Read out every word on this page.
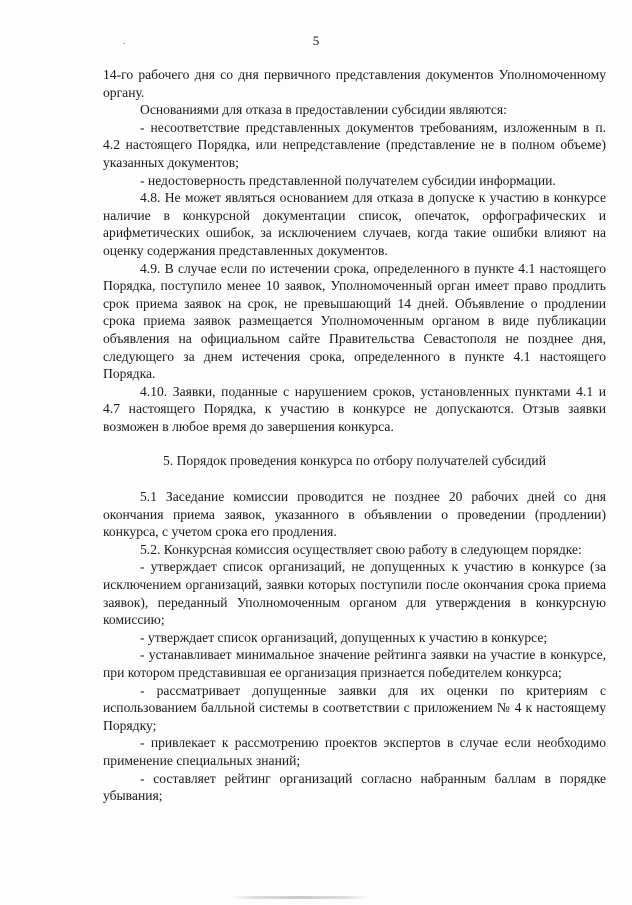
.	5

14-го рабочего дня со дня первичного представления документов Уполномоченному органу.

Основаниями для отказа в предоставлении субсидии являются:

- несоответствие представленных документов требованиям, изложенным в п. 4.2 настоящего Порядка, или непредставление (представление не в полном объеме) указанных документов;

- недостоверность представленной получателем субсидии информации.

4.8. Не может являться основанием для отказа в допуске к участию в конкурсе наличие в конкурсной документации список, опечаток, орфографических и арифметических ошибок, за исключением случаев, когда такие ошибки влияют на оценку содержания представленных документов.

4.9. В случае если по истечении срока, определенного в пункте 4.1 настоящего Порядка, поступило менее 10 заявок, Уполномоченный орган имеет право продлить срок приема заявок на срок, не превышающий 14 дней. Объявление о продлении срока приема заявок размещается Уполномоченным органом в виде публикации объявления на официальном сайте Правительства Севастополя не позднее дня, следующего за днем истечения срока, определенного в пункте 4.1 настоящего Порядка.

4.10. Заявки, поданные с нарушением сроков, установленных пунктами 4.1 и 4.7 настоящего Порядка, к участию в конкурсе не допускаются. Отзыв заявки возможен в любое время до завершения конкурса.

5. Порядок проведения конкурса по отбору получателей субсидий

5.1 Заседание комиссии проводится не позднее 20 рабочих дней со дня окончания приема заявок, указанного в объявлении о проведении (продлении) конкурса, с учетом срока его продления.

5.2. Конкурсная комиссия осуществляет свою работу в следующем порядке:

- утверждает список организаций, не допущенных к участию в конкурсе (за исключением организаций, заявки которых поступили после окончания срока приема заявок), переданный Уполномоченным органом для утверждения в конкурсную комиссию;

- утверждает список организаций, допущенных к участию в конкурсе;

- устанавливает минимальное значение рейтинга заявки на участие в конкурсе, при котором представившая ее организация признается победителем конкурса;

- рассматривает допущенные заявки для их оценки по критериям с использованием балльной системы в соответствии с приложением № 4 к настоящему Порядку;

- привлекает к рассмотрению проектов экспертов в случае если необходимо применение специальных знаний;

- составляет рейтинг организаций согласно набранным баллам в порядке убывания;
